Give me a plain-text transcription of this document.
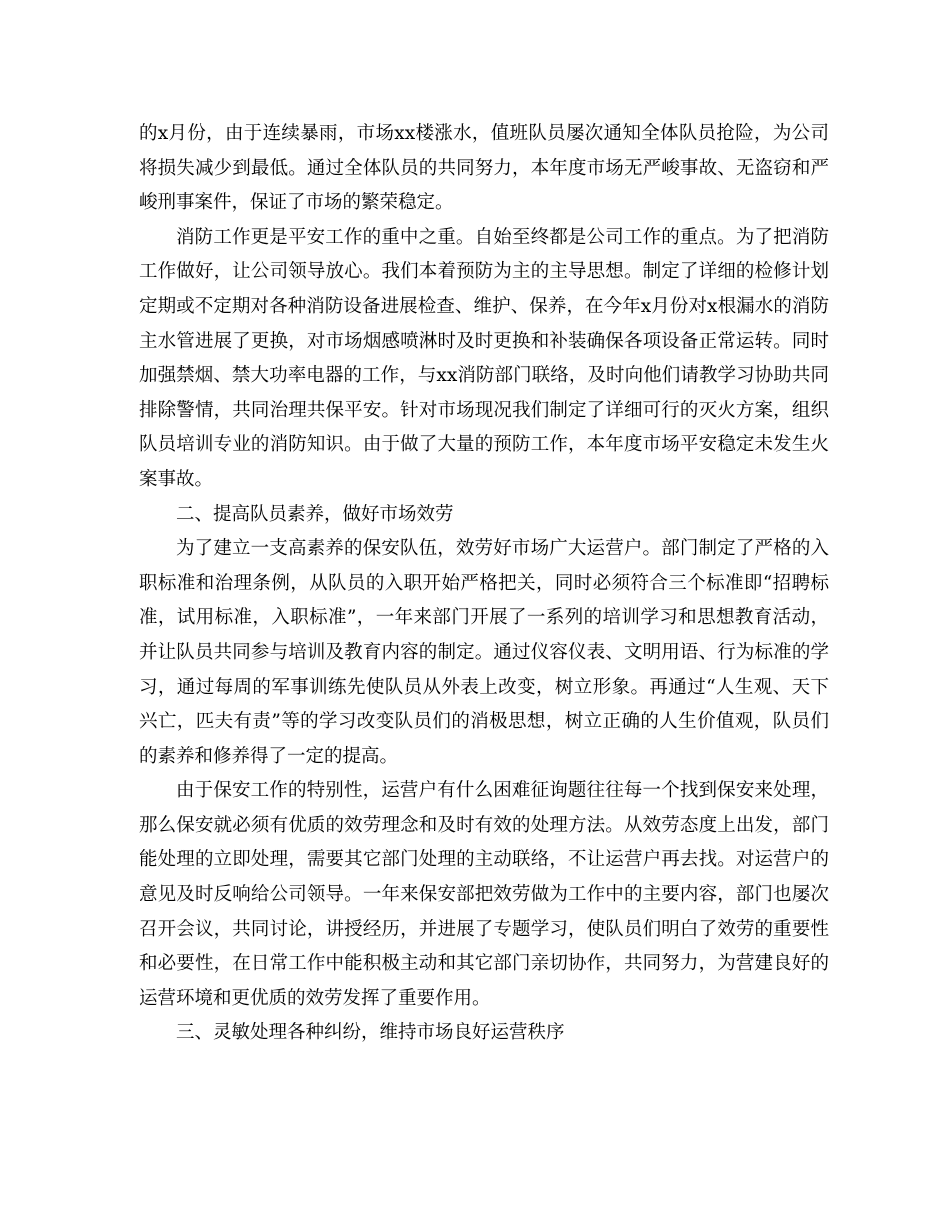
的x月份，由于连续暴雨，市场xx楼涨水，值班队员屡次通知全体队员抢险，为公司将损失减少到最低。通过全体队员的共同努力，本年度市场无严峻事故、无盗窃和严峻刑事案件，保证了市场的繁荣稳定。

消防工作更是平安工作的重中之重。自始至终都是公司工作的重点。为了把消防工作做好，让公司领导放心。我们本着预防为主的主导思想。制定了详细的检修计划定期或不定期对各种消防设备进展检查、维护、保养，在今年x月份对x根漏水的消防主水管进展了更换，对市场烟感喷淋时及时更换和补装确保各项设备正常运转。同时加强禁烟、禁大功率电器的工作，与xx消防部门联络，及时向他们请教学习协助共同排除警情，共同治理共保平安。针对市场现况我们制定了详细可行的灭火方案，组织队员培训专业的消防知识。由于做了大量的预防工作，本年度市场平安稳定未发生火案事故。

二、提高队员素养，做好市场效劳

为了建立一支高素养的保安队伍，效劳好市场广大运营户。部门制定了严格的入职标准和治理条例，从队员的入职开始严格把关，同时必须符合三个标准即“招聘标准，试用标准，入职标准”，一年来部门开展了一系列的培训学习和思想教育活动，并让队员共同参与培训及教育内容的制定。通过仪容仪表、文明用语、行为标准的学习，通过每周的军事训练先使队员从外表上改变，树立形象。再通过“人生观、天下兴亡，匹夫有责”等的学习改变队员们的消极思想，树立正确的人生价值观，队员们的素养和修养得了一定的提高。

由于保安工作的特别性，运营户有什么困难征询题往往每一个找到保安来处理，那么保安就必须有优质的效劳理念和及时有效的处理方法。从效劳态度上出发，部门能处理的立即处理，需要其它部门处理的主动联络，不让运营户再去找。对运营户的意见及时反响给公司领导。一年来保安部把效劳做为工作中的主要内容，部门也屡次召开会议，共同讨论，讲授经历，并进展了专题学习，使队员们明白了效劳的重要性和必要性，在日常工作中能积极主动和其它部门亲切协作，共同努力，为营建良好的运营环境和更优质的效劳发挥了重要作用。

三、灵敏处理各种纠纷，维持市场良好运营秩序
